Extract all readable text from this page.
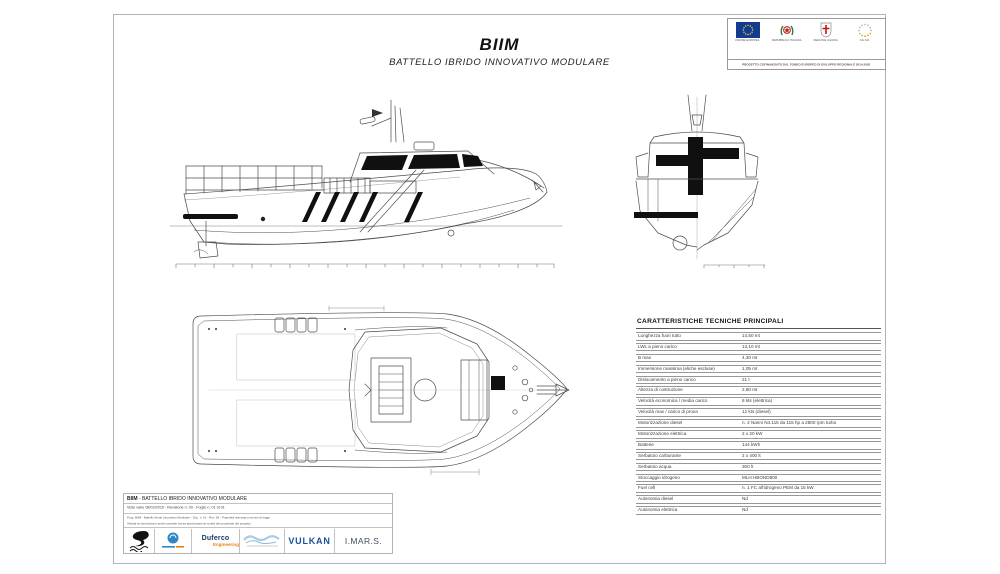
BIIM
BATTELLO IBRIDO INNOVATIVO MODULARE
UNIONE EUROPEA REPUBBLICA ITALIANA REGIONE LIGURIA	F.E.S.R.
PROGETTO COFINANZIATO DAL FONDO EUROPEO DI SVILUPPO REGIONALE 2014-2020
CARATTERISTICHE TECNICHE PRINCIPALI
Lunghezza fuori tutto	14,50 mt
LWL a pieno carico	13,10 mt
B max	4,30 mt
Immersione massima (eliche escluse)	1,05 mt
Dislocamento a pieno carico	21 t
Altezza di costruzione	2,80 mt
Velocità economica / media carico	8 kts (elettrica)
Velocità max / carico di prova	12 kts (diesel)
Motorizzazione diesel	n. 2 Nanni N4.115 da 115 hp a 2800 rpm turbo
Motorizzazione elettrica	2 x 20 kW
Batterie	144 kWh
Serbatoio carburante	2 x 400 lt
Serbatoio acqua	300 lt
Stoccaggio idrogeno	MLH HBOND800
Fuel cell	n. 1 FC all'idrogeno PEM da 15 kW
Autonomia diesel	Nd
Autonomia elettrica	Nd
BIIM - BATTELLO IBRIDO INNOVATIVO MODULARE
Viste varie 08/02/2019 - Revisione n. 00 - Foglio n. 01 di 01
Prog. BIIM - Battello Ibrido Innovativo Modulare - Doc. n. 01 - Rev. 00 - Proprietà riservata a termini di legge
Vietata la riproduzione anche parziale senza autorizzazione scritta dei proprietari del progetto
Duferco
Engineering	VULKAN I.MAR.S.
